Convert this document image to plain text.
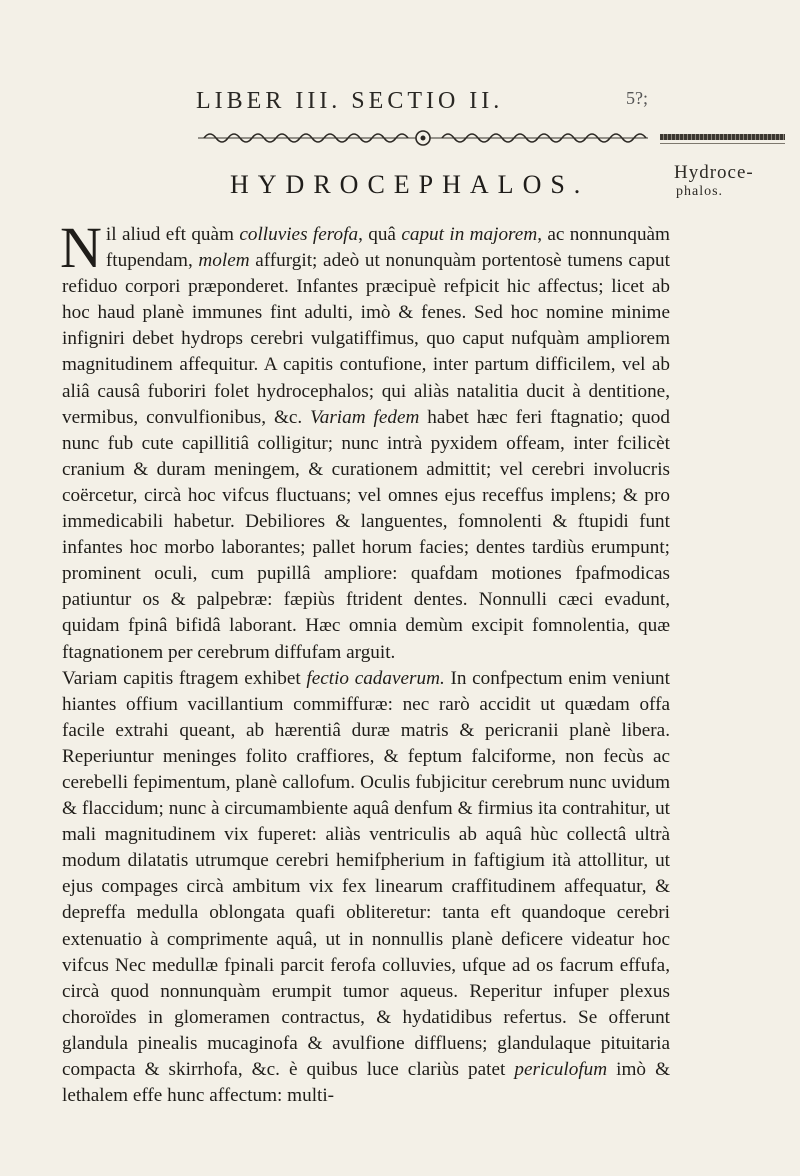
LIBER III. SECTIO II.	5?;
Hydroce-
phalos.
HYDROCEPHALOS.

Nil aliud eft quàm colluvies ferofa, quâ caput in majorem, ac nonnunquàm ftupendam, molem affurgit; adeò ut nonunquàm portentosè tumens caput refiduo corpori præponderet. Infantes præcipuè refpicit hic affectus; licet ab hoc haud planè immunes fint adulti, imò & fenes. Sed hoc nomine minime infigniri debet hydrops cerebri vulgatiffimus, quo caput nufquàm ampliorem magnitudinem affequitur. A capitis contufione, inter partum difficilem, vel ab aliâ causâ fuboriri folet hydrocephalos; qui aliàs natalitia ducit à dentitione, vermibus, convulfionibus, &c. Variam fedem habet hæc feri ftagnatio; quod nunc fub cute capillitiâ colligitur; nunc intrà pyxidem offeam, inter fcilicèt cranium & duram meningem, & curationem admittit; vel cerebri involucris coërcetur, circà hoc vifcus fluctuans; vel omnes ejus receffus implens; & pro immedicabili habetur. Debiliores & languentes, fomnolenti & ftupidi funt infantes hoc morbo laborantes; pallet horum facies; dentes tardiùs erumpunt; prominent oculi, cum pupillâ ampliore: quafdam motiones fpafmodicas patiuntur os & palpebræ: fæpiùs ftrident dentes. Nonnulli cæci evadunt, quidam fpinâ bifidâ laborant. Hæc omnia demùm excipit fomnolentia, quæ ftagnationem per cerebrum diffufam arguit.

Variam capitis ftragem exhibet fectio cadaverum. In confpectum enim veniunt hiantes offium vacillantium commiffuræ: nec rarò accidit ut quædam offa facile extrahi queant, ab hærentiâ duræ matris & pericranii planè libera. Reperiuntur meninges folito craffiores, & feptum falciforme, non fecùs ac cerebelli fepimentum, planè callofum. Oculis fubjicitur cerebrum nunc uvidum & flaccidum; nunc à circumambiente aquâ denfum & firmius ita contrahitur, ut mali magnitudinem vix fuperet: aliàs ventriculis ab aquâ hùc collectâ ultrà modum dilatatis utrumque cerebri hemifpherium in faftigium ità attollitur, ut ejus compages circà ambitum vix fex linearum craffitudinem affequatur, & depreffa medulla oblongata quafi obliteretur: tanta eft quandoque cerebri extenuatio à comprimente aquâ, ut in nonnullis planè deficere videatur hoc vifcus Nec medullæ fpinali parcit ferofa colluvies, ufque ad os facrum effufa, circà quod nonnunquàm erumpit tumor aqueus. Reperitur infuper plexus choroïdes in glomeramen contractus, & hydatidibus refertus. Se offerunt glandula pinealis mucaginofa & avulfione diffluens; glandulaque pituitaria compacta & skirrhofa, &c. è quibus luce clariùs patet periculofum imò & lethalem effe hunc affectum: multi-
